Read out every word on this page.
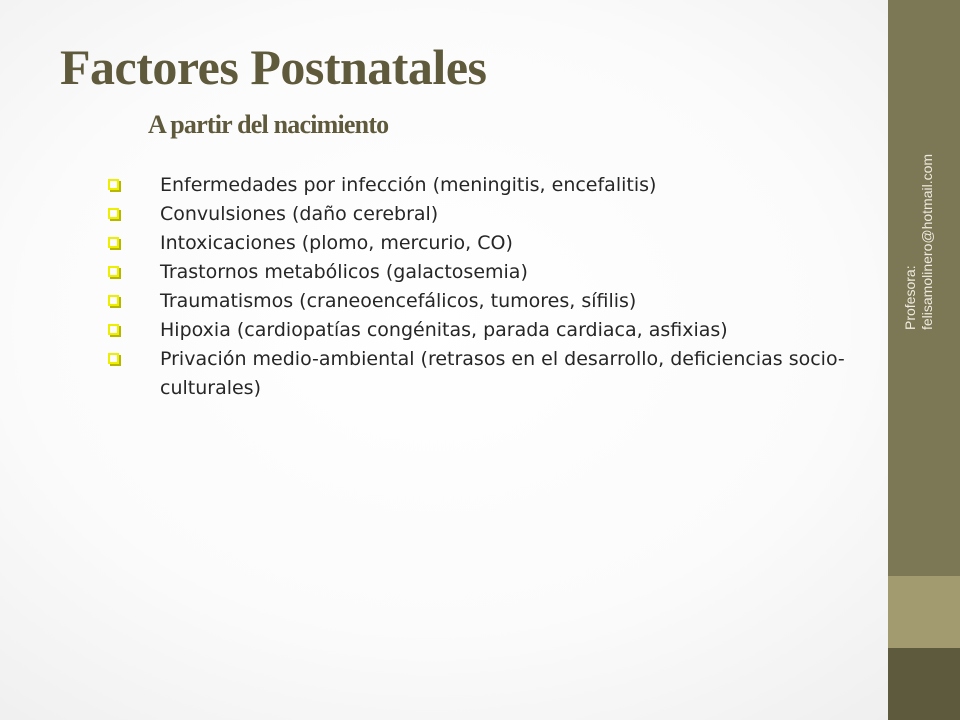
Profesora: felisamolinero@hotmail.com
Factores Postnatales
A partir del nacimiento
Enfermedades por infección (meningitis, encefalitis)
Convulsiones (daño cerebral)
Intoxicaciones (plomo, mercurio, CO)
Trastornos metabólicos (galactosemia)
Traumatismos (craneoencefálicos, tumores, sífilis)
Hipoxia (cardiopatías congénitas, parada cardiaca, asfixias)
Privación medio-ambiental (retrasos en el desarrollo, deficiencias socio-culturales)
